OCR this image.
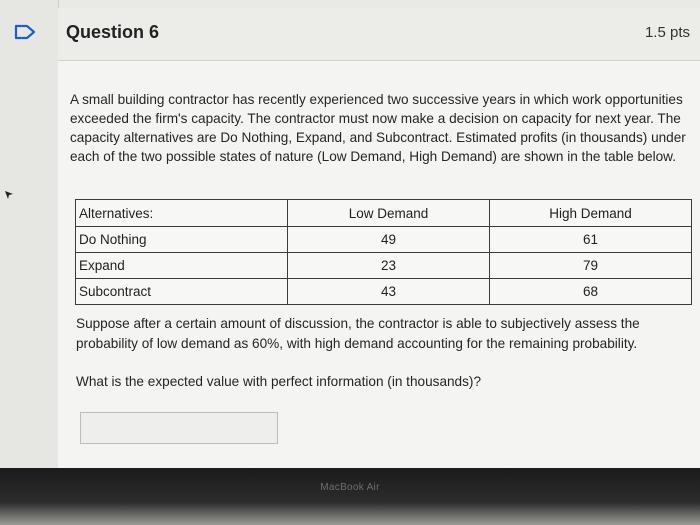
Question 6	1.5 pts
A small building contractor has recently experienced two successive years in which work opportunities exceeded the firm's capacity. The contractor must now make a decision on capacity for next year. The capacity alternatives are Do Nothing, Expand, and Subcontract. Estimated profits (in thousands) under each of the two possible states of nature (Low Demand, High Demand) are shown in the table below.
Alternatives:	Low Demand	High Demand
Do Nothing	49	61
Expand	23	79
Subcontract	43	68
Suppose after a certain amount of discussion, the contractor is able to subjectively assess the probability of low demand as 60%, with high demand accounting for the remaining probability.
What is the expected value with perfect information (in thousands)?
MacBook Air
